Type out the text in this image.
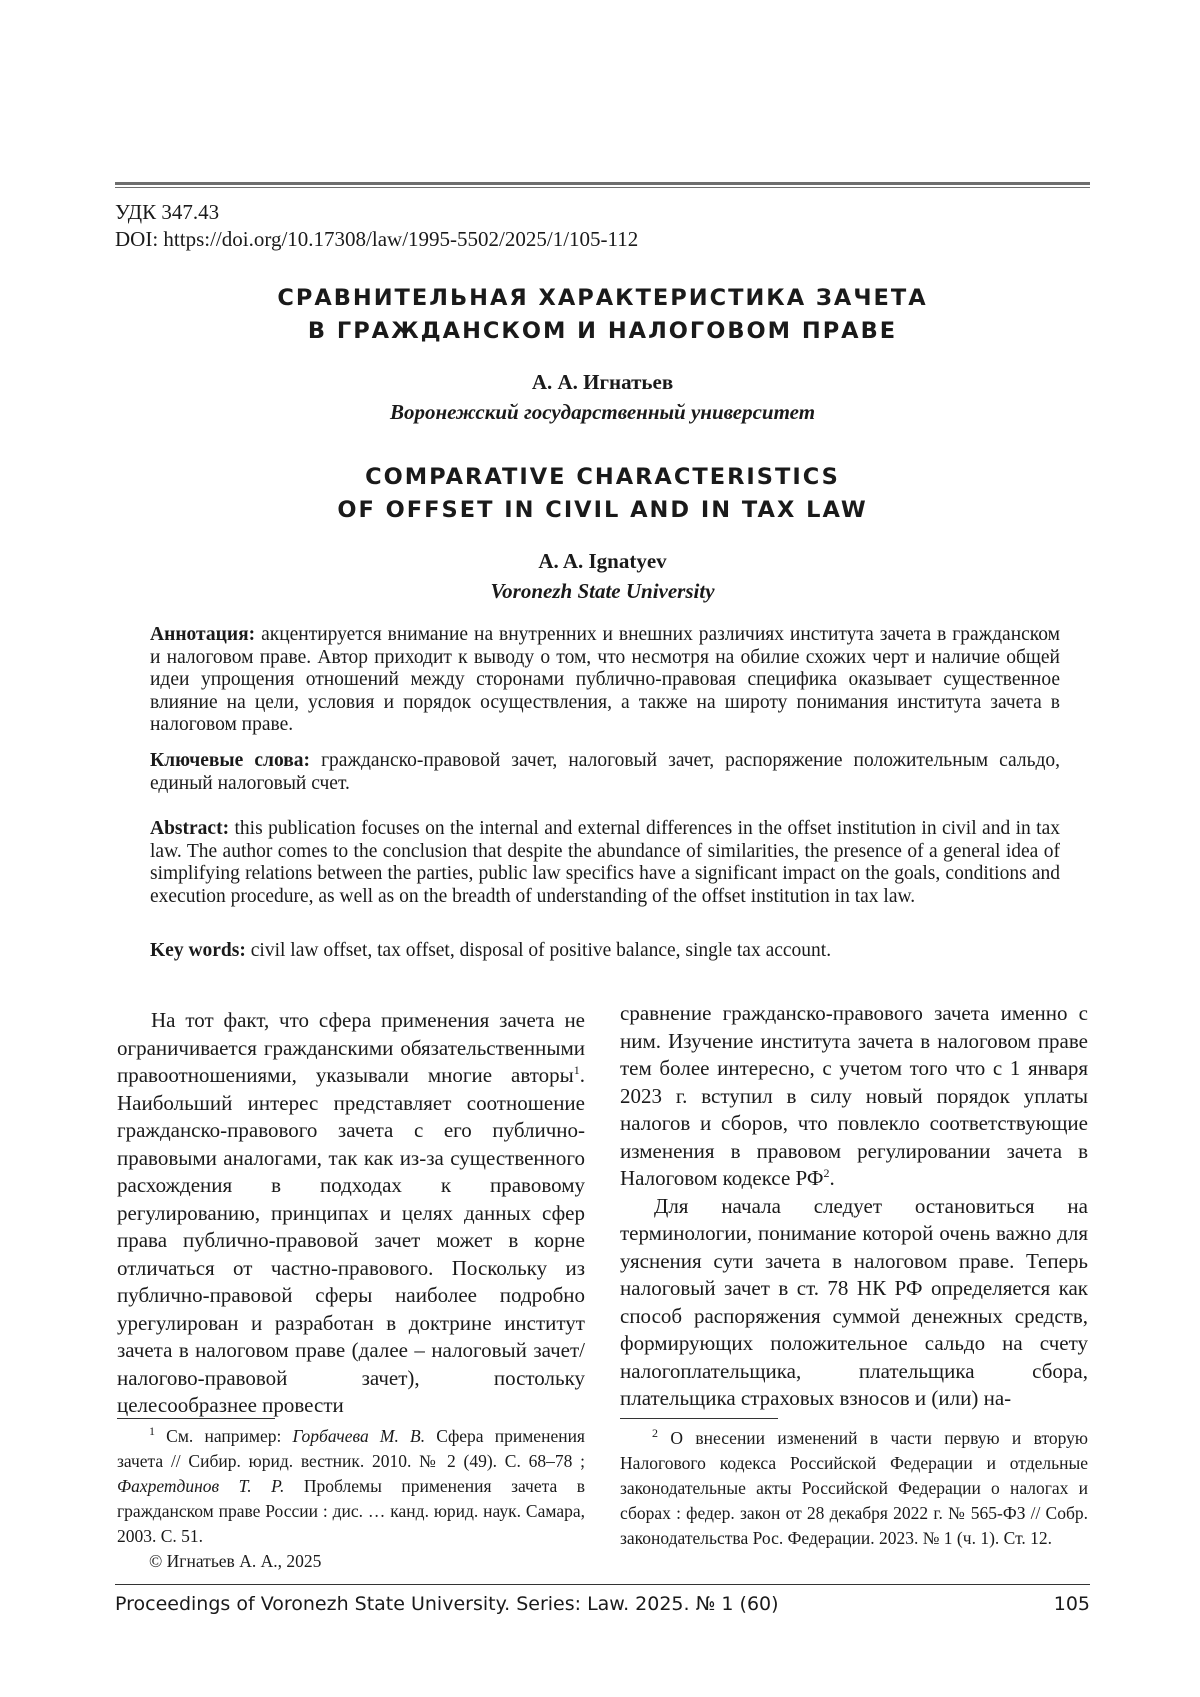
УДК 347.43
DOI: https://doi.org/10.17308/law/1995-5502/2025/1/105-112
СРАВНИТЕЛЬНАЯ ХАРАКТЕРИСТИКА ЗАЧЕТА
В ГРАЖДАНСКОМ И НАЛОГОВОМ ПРАВЕ
А. А. Игнатьев
Воронежский государственный университет
COMPARATIVE CHARACTERISTICS
OF OFFSET IN CIVIL AND IN TAX LAW
A. A. Ignatyev
Voronezh State University
Аннотация: акцентируется внимание на внутренних и внешних различиях института зачета в гражданском и налоговом праве. Автор приходит к выводу о том, что несмотря на обилие схожих черт и наличие общей идеи упрощения отношений между сторонами публично-правовая специфика оказывает существенное влияние на цели, условия и порядок осуществления, а также на широту понимания института зачета в налоговом праве.
Ключевые слова: гражданско-правовой зачет, налоговый зачет, распоряжение положительным сальдо, единый налоговый счет.
Abstract: this publication focuses on the internal and external differences in the offset institution in civil and in tax law. The author comes to the conclusion that despite the abundance of similarities, the presence of a general idea of simplifying relations between the parties, public law specifics have a significant impact on the goals, conditions and execution procedure, as well as on the breadth of understanding of the offset institution in tax law.
Key words: civil law offset, tax offset, disposal of positive balance, single tax account.

На тот факт, что сфера применения зачета не ограничивается гражданскими обязательственными правоотношениями, указывали многие авторы1. Наибольший интерес представляет соотношение гражданско-правового зачета с его публично-правовыми аналогами, так как из-за существенного расхождения в подходах к правовому регулированию, принципах и целях данных сфер права публично-правовой зачет может в корне отличаться от частно-правового. Поскольку из публично-правовой сферы наиболее подробно урегулирован и разработан в доктрине институт зачета в налоговом праве (далее – налоговый зачет/ налогово-правовой зачет), постольку целесообразнее провести

сравнение гражданско-правового зачета именно с ним. Изучение института зачета в налоговом праве тем более интересно, с учетом того что с 1 января 2023 г. вступил в силу новый порядок уплаты налогов и сборов, что повлекло соответствующие изменения в правовом регулировании зачета в Налоговом кодексе РФ2.

Для начала следует остановиться на терминологии, понимание которой очень важно для уяснения сути зачета в налоговом праве. Теперь налоговый зачет в ст. 78 НК РФ определяется как способ распоряжения суммой денежных средств, формирующих положительное сальдо на счету налогоплательщика, плательщика сбора, плательщика страховых взносов и (или) на-

1 См. например: Горбачева М. В. Сфера применения зачета // Сибир. юрид. вестник. 2010. № 2 (49). С. 68–78 ; Фахретдинов Т. Р. Проблемы применения зачета в гражданском праве России : дис. … канд. юрид. наук. Самара, 2003. С. 51.

© Игнатьев А. А., 2025

2 О внесении изменений в части первую и вторую Налогового кодекса Российской Федерации и отдельные законодательные акты Российской Федерации о налогах и сборах : федер. закон от 28 декабря 2022 г. № 565-ФЗ // Собр. законодательства Рос. Федерации. 2023. № 1 (ч. 1). Ст. 12.

Proceedings of Voronezh State University. Series: Law. 2025. № 1 (60)	105
